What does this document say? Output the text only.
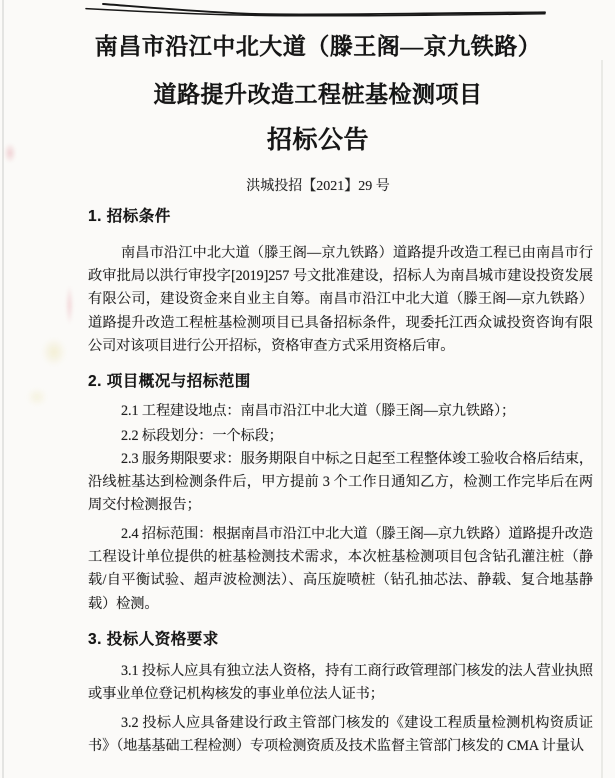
南昌市沿江中北大道（滕王阁—京九铁路）
道路提升改造工程桩基检测项目
招标公告
洪城投招【2021】29 号
1. 招标条件

南昌市沿江中北大道（滕王阁—京九铁路）道路提升改造工程已由南昌市行政审批局以洪行审投字[2019]257 号文批准建设，招标人为南昌城市建设投资发展有限公司，建设资金来自业主自筹。南昌市沿江中北大道（滕王阁—京九铁路）道路提升改造工程桩基检测项目已具备招标条件，现委托江西众诚投资咨询有限公司对该项目进行公开招标，资格审查方式采用资格后审。

2. 项目概况与招标范围

2.1 工程建设地点：南昌市沿江中北大道（滕王阁—京九铁路）；

2.2 标段划分：一个标段；

2.3 服务期限要求：服务期限自中标之日起至工程整体竣工验收合格后结束，沿线桩基达到检测条件后，甲方提前 3 个工作日通知乙方，检测工作完毕后在两周交付检测报告；

2.4 招标范围：根据南昌市沿江中北大道（滕王阁—京九铁路）道路提升改造工程设计单位提供的桩基检测技术需求，本次桩基检测项目包含钻孔灌注桩（静载/自平衡试验、超声波检测法）、高压旋喷桩（钻孔抽芯法、静载、复合地基静载）检测。

3. 投标人资格要求

3.1 投标人应具有独立法人资格，持有工商行政管理部门核发的法人营业执照或事业单位登记机构核发的事业单位法人证书；

3.2 投标人应具备建设行政主管部门核发的《建设工程质量检测机构资质证书》（地基基础工程检测）专项检测资质及技术监督主管部门核发的 CMA 计量认
